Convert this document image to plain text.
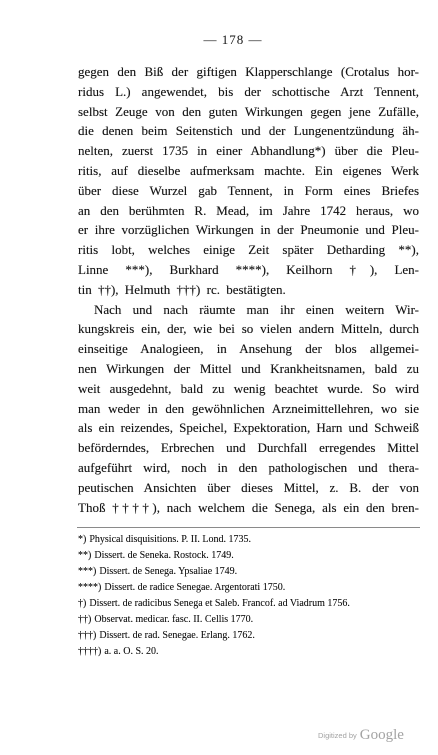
— 178 —
gegen den Biß der giftigen Klapperschlange (Crotalus hor-
ridus L.) angewendet, bis der schottische Arzt Tennent,
selbst Zeuge von den guten Wirkungen gegen jene Zufälle,
die denen beim Seitenstich und der Lungenentzündung äh-
nelten, zuerst 1735 in einer Abhandlung*) über die Pleu-
ritis, auf dieselbe aufmerksam machte. Ein eigenes Werk
über diese Wurzel gab Tennent, in Form eines Briefes
an den berühmten R. Mead, im Jahre 1742 heraus, wo
er ihre vorzüglichen Wirkungen in der Pneumonie und Pleu-
ritis lobt, welches einige Zeit später Detharding **),
Linne ***), Burkhard ****), Keilhorn †), Len-
tin ††), Helmuth †††) rc. bestätigten.
Nach und nach räumte man ihr einen weitern Wir-
kungskreis ein, der, wie bei so vielen andern Mitteln, durch
einseitige Analogieen, in Ansehung der blos allgemei-
nen Wirkungen der Mittel und Krankheitsnamen, bald zu
weit ausgedehnt, bald zu wenig beachtet wurde. So wird
man weder in den gewöhnlichen Arzneimittellehren, wo sie
als ein reizendes, Speichel, Expektoration, Harn und Schweiß
beförderndes, Erbrechen und Durchfall erregendes Mittel
aufgeführt wird, noch in den pathologischen und thera-
peutischen Ansichten über dieses Mittel, z. B. der von
Thoß ††††), nach welchem die Senega, als ein den bren-
*) Physical disquisitions. P. II. Lond. 1735.
**) Dissert. de Seneka. Rostock. 1749.
***) Dissert. de Senega. Ypsaliae 1749.
****) Dissert. de radice Senegae. Argentorati 1750.
†) Dissert. de radicibus Senega et Saleb. Francof. ad Viadrum 1756.
††) Observat. medicar. fasc. II. Cellis 1770.
†††) Dissert. de rad. Senegae. Erlang. 1762.
††††) a. a. O. S. 20.
Digitized by Google
